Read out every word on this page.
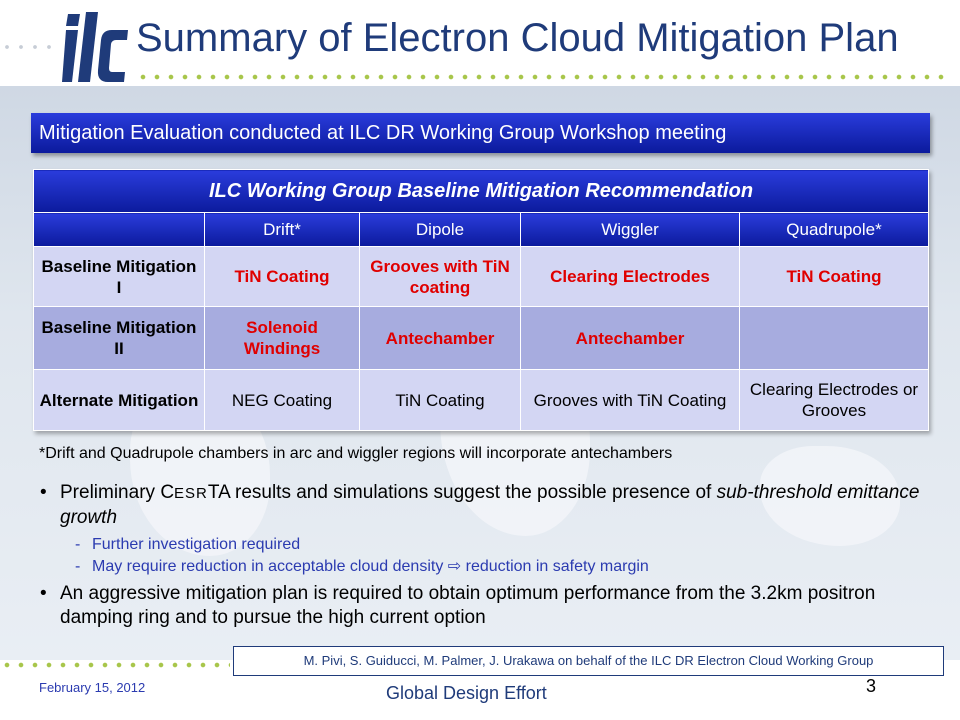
Summary of Electron Cloud Mitigation Plan
Mitigation Evaluation conducted at ILC DR Working Group Workshop meeting
ILC Working Group Baseline Mitigation Recommendation				
	Drift*	Dipole	Wiggler	Quadrupole*
Baseline Mitigation I	TiN Coating	Grooves with TiN coating	Clearing Electrodes	TiN Coating
Baseline Mitigation II	Solenoid Windings	Antechamber	Antechamber	
Alternate Mitigation	NEG Coating	TiN Coating	Grooves with TiN Coating	Clearing Electrodes or Grooves
*Drift and Quadrupole chambers in arc and wiggler regions will incorporate antechambers

• Preliminary CESRTA results and simulations suggest the possible presence of sub-threshold emittance growth

- Further investigation required

- May require reduction in acceptable cloud density ⇨ reduction in safety margin

• An aggressive mitigation plan is required to obtain optimum performance from the 3.2km positron damping ring and to pursue the high current option

M. Pivi, S. Guiducci, M. Palmer, J. Urakawa on behalf of the ILC DR Electron Cloud Working Group
February 15, 2012	Global Design Effort	3
